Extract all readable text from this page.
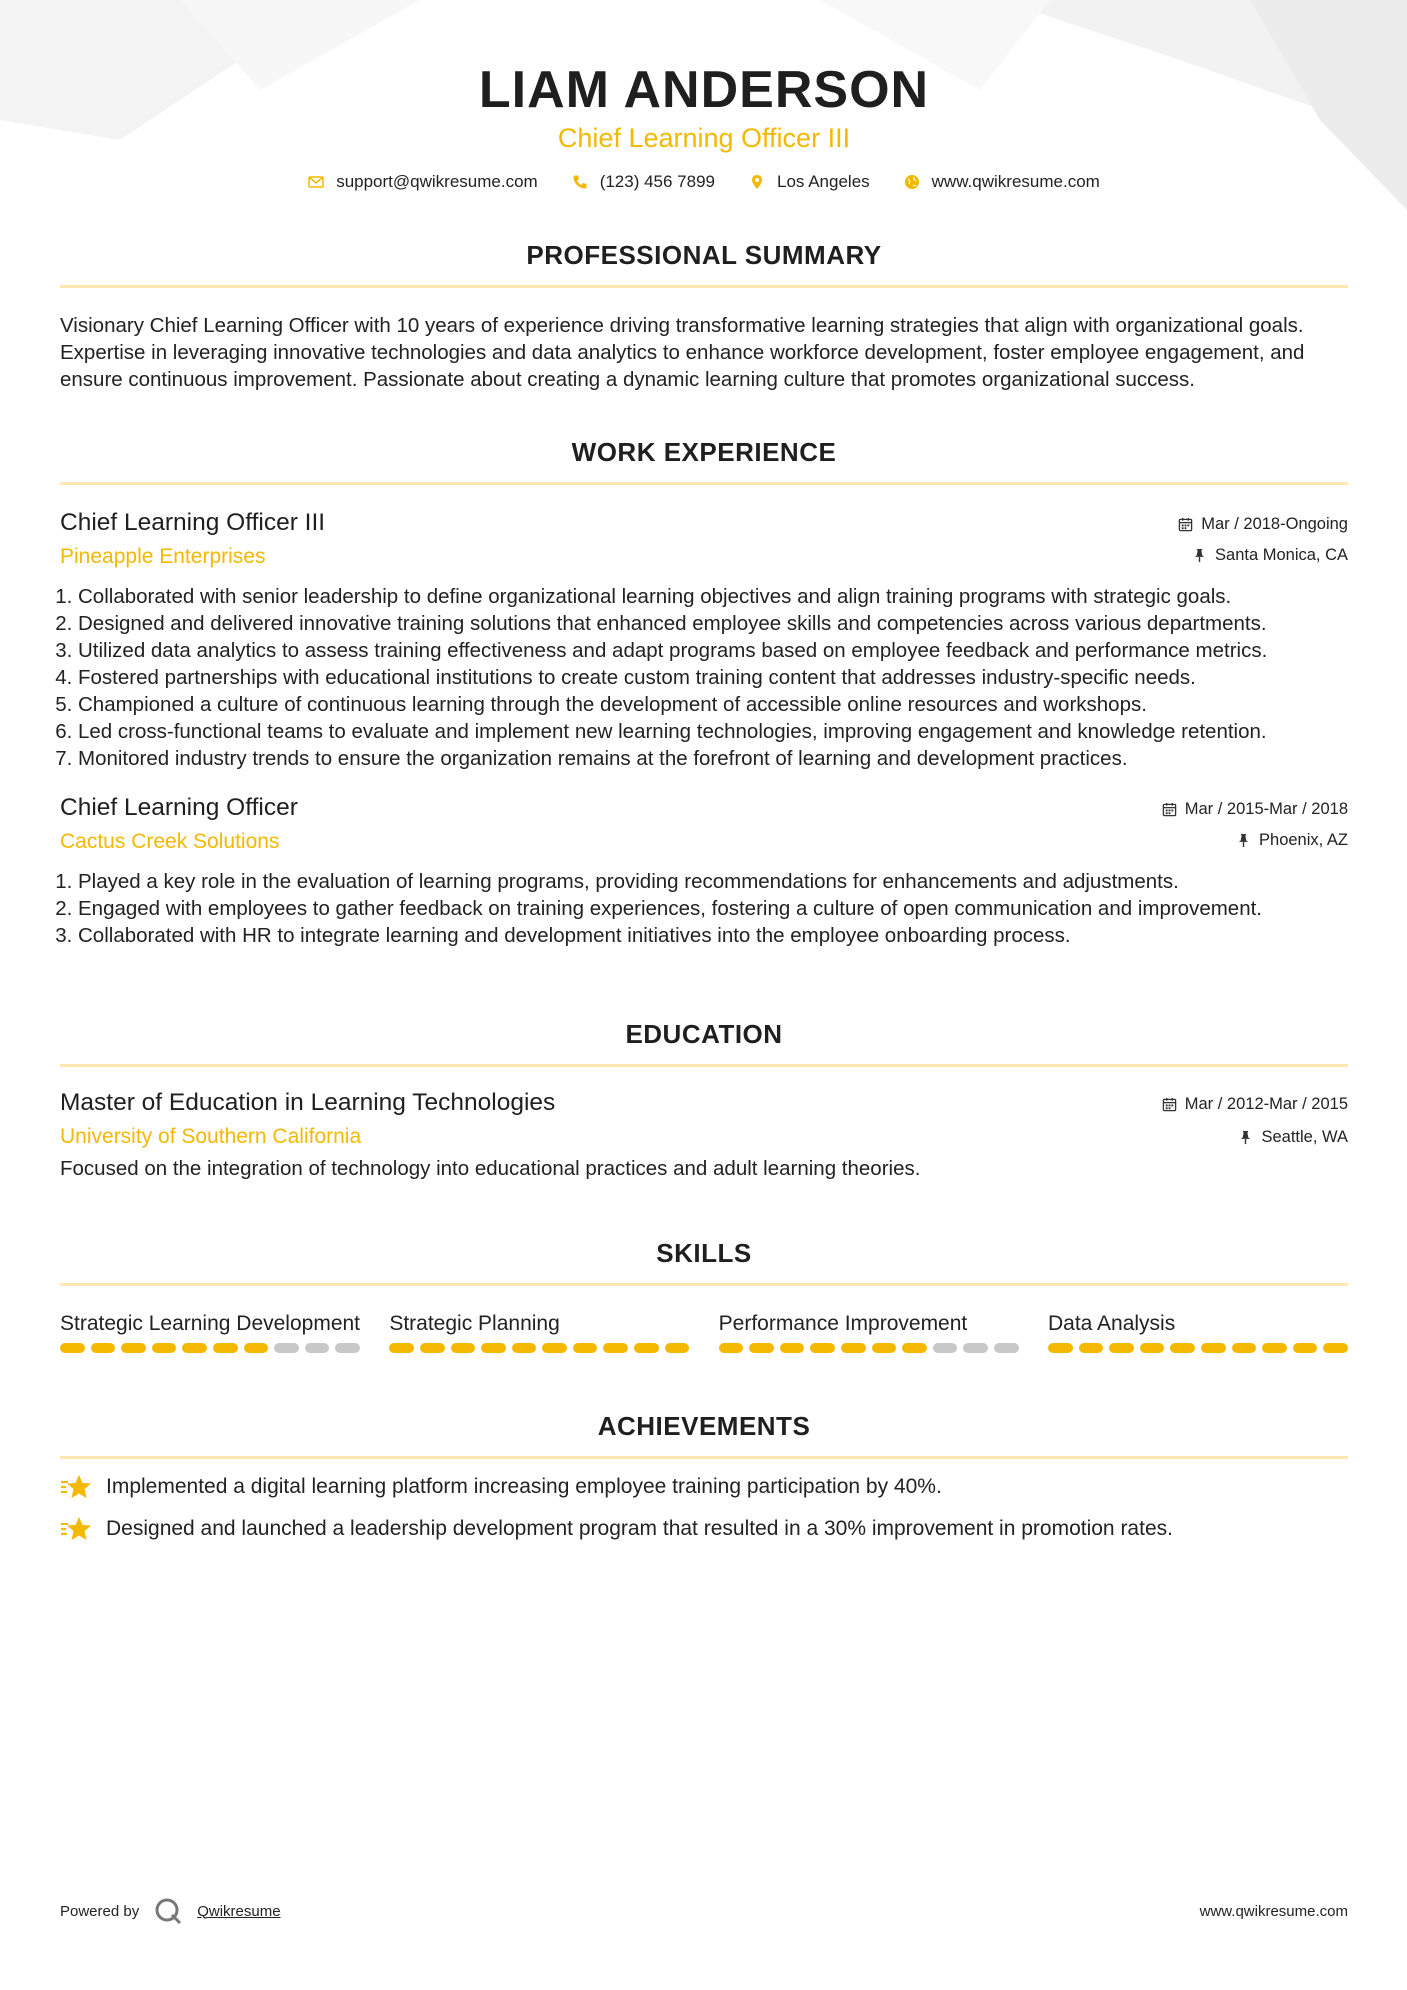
LIAM ANDERSON
Chief Learning Officer III
support@qwikresume.com	(123) 456 7899	Los Angeles	www.qwikresume.com
PROFESSIONAL SUMMARY
Visionary Chief Learning Officer with 10 years of experience driving transformative learning strategies that align with organizational goals. Expertise in leveraging innovative technologies and data analytics to enhance workforce development, foster employee engagement, and ensure continuous improvement. Passionate about creating a dynamic learning culture that promotes organizational success.
WORK EXPERIENCE
Chief Learning Officer III
Pineapple Enterprises
Mar / 2018-Ongoing
Santa Monica, CA
1. Collaborated with senior leadership to define organizational learning objectives and align training programs with strategic goals.
2. Designed and delivered innovative training solutions that enhanced employee skills and competencies across various departments.
3. Utilized data analytics to assess training effectiveness and adapt programs based on employee feedback and performance metrics.
4. Fostered partnerships with educational institutions to create custom training content that addresses industry-specific needs.
5. Championed a culture of continuous learning through the development of accessible online resources and workshops.
6. Led cross-functional teams to evaluate and implement new learning technologies, improving engagement and knowledge retention.
7. Monitored industry trends to ensure the organization remains at the forefront of learning and development practices.
Chief Learning Officer
Cactus Creek Solutions
Mar / 2015-Mar / 2018
Phoenix, AZ
1. Played a key role in the evaluation of learning programs, providing recommendations for enhancements and adjustments.
2. Engaged with employees to gather feedback on training experiences, fostering a culture of open communication and improvement.
3. Collaborated with HR to integrate learning and development initiatives into the employee onboarding process.
EDUCATION
Master of Education in Learning Technologies
University of Southern California
Mar / 2012-Mar / 2015
Seattle, WA
Focused on the integration of technology into educational practices and adult learning theories.
SKILLS
Strategic Learning Development Strategic Planning	Performance Improvement	Data Analysis
ACHIEVEMENTS
Implemented a digital learning platform increasing employee training participation by 40%.
Designed and launched a leadership development program that resulted in a 30% improvement in promotion rates.
Powered by	Qwikresume	www.qwikresume.com
